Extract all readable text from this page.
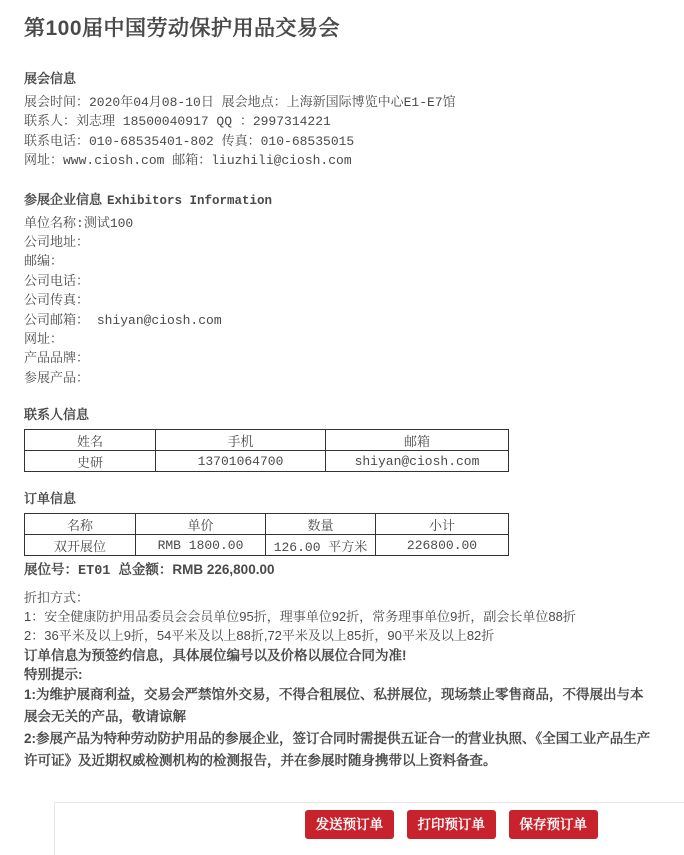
第100届中国劳动保护用品交易会
展会信息
展会时间：2020年04月08-10日 展会地点：上海新国际博览中心E1-E7馆
联系人：刘志理 18500040917 QQ ：2997314221
联系电话：010-68535401-802 传真：010-68535015
网址：www.ciosh.com 邮箱：liuzhili@ciosh.com
参展企业信息 Exhibitors Information
单位名称:测试100
公司地址：
邮编：
公司电话：
公司传真：
公司邮箱： shiyan@ciosh.com
网址：
产品品牌：
参展产品：
联系人信息
姓名	手机	邮箱
史研	13701064700	shiyan@ciosh.com
订单信息
名称	单价	数量	小计
双开展位	RMB 1800.00	126.00 平方米	226800.00
展位号：ET01 总金额：RMB 226,800.00
折扣方式：
1：安全健康防护用品委员会会员单位95折，理事单位92折，常务理事单位9折，副会长单位88折
2：36平米及以上9折，54平米及以上88折,72平米及以上85折，90平米及以上82折
订单信息为预签约信息，具体展位编号以及价格以展位合同为准!
特别提示:
1:为维护展商利益，交易会严禁馆外交易，不得合租展位、私拼展位，现场禁止零售商品，不得展出与本展会无关的产品，敬请谅解
2:参展产品为特种劳动防护用品的参展企业，签订合同时需提供五证合一的营业执照、《全国工业产品生产许可证》及近期权威检测机构的检测报告，并在参展时随身携带以上资料备查。
发送预订单	打印预订单	保存预订单
